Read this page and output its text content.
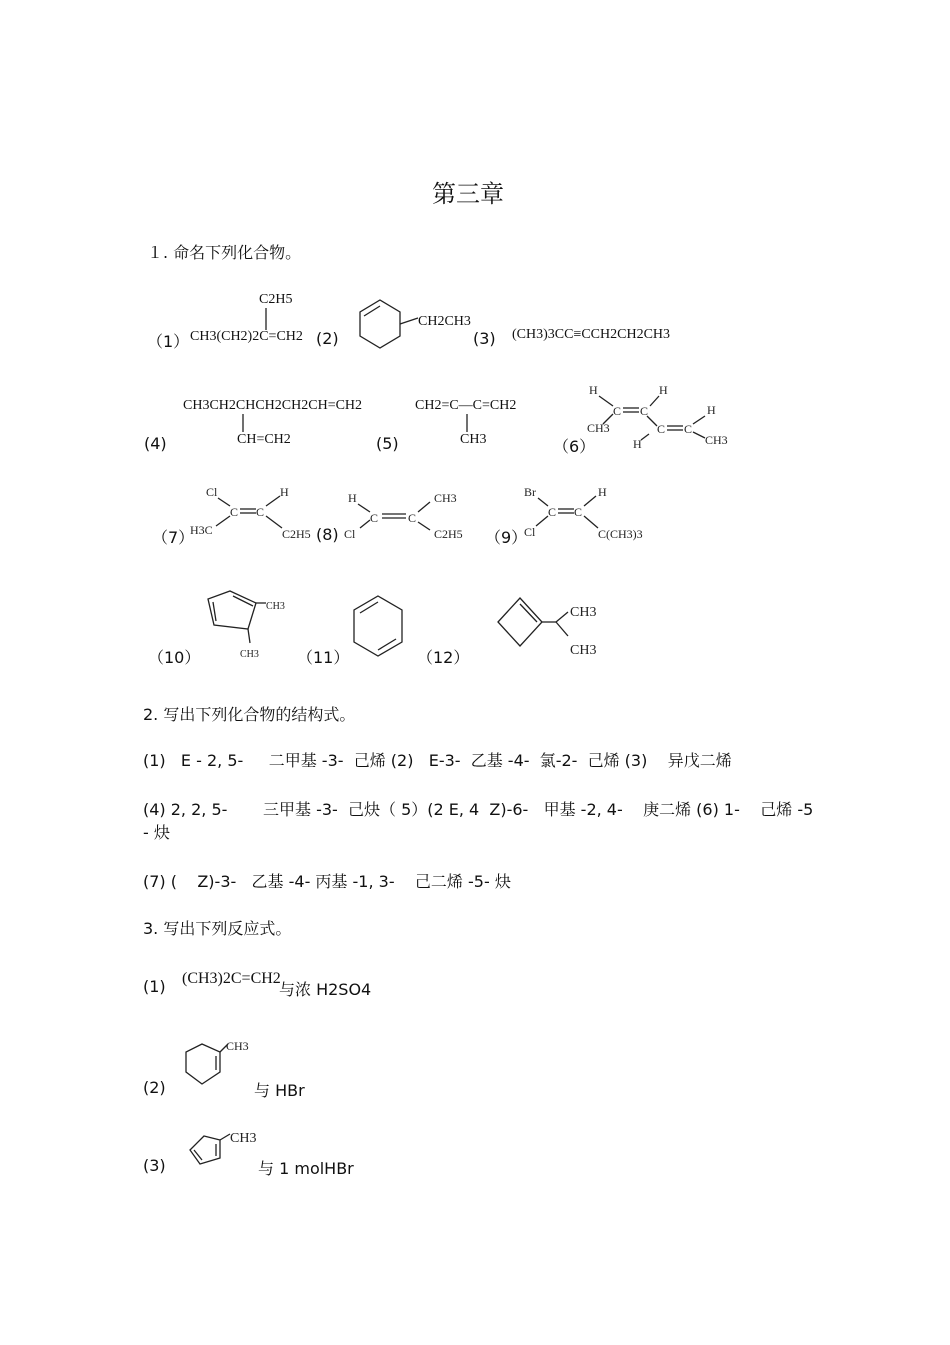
第三章
１. 命名下列化合物。
（1）	(2)	(3)
CH3(CH2)2C=CH2
C2H5
CH2CH3
(CH3)3CC≡CCH2CH2CH3
(4)	(5)	（6）
CH3CH2CHCH2CH2CH=CH2
CH=CH2
CH2=C—C=CH2
CH3
H
CH3
C C
H
C
H
C
H
CH3
（7）	(8)	（9）
Cl
H3C
C C
H
C2H5
H
Cl
C C
CH3
C2H5
Br
Cl
C C
H
C(CH3)3
（10）	（11）	（12）
CH3
CH3
CH3
CH3
2. 写出下列化合物的结构式。
(1)   E - 2, 5-     二甲基 -3-  己烯 (2)   E-3-  乙基 -4-  氯-2-  己烯 (3)    异戊二烯
(4) 2, 2, 5-       三甲基 -3-  己炔（ 5）(2 E, 4  Z)-6-   甲基 -2, 4-    庚二烯 (6) 1-    己烯 -5
- 炔
(7) (    Z)-3-   乙基 -4- 丙基 -1, 3-    己二烯 -5- 炔
3. 写出下列反应式。
(1) (CH3)2C=CH2
与浓 H2SO4
(2)
CH3
与 HBr
(3)
CH3
与 1 molHBr
